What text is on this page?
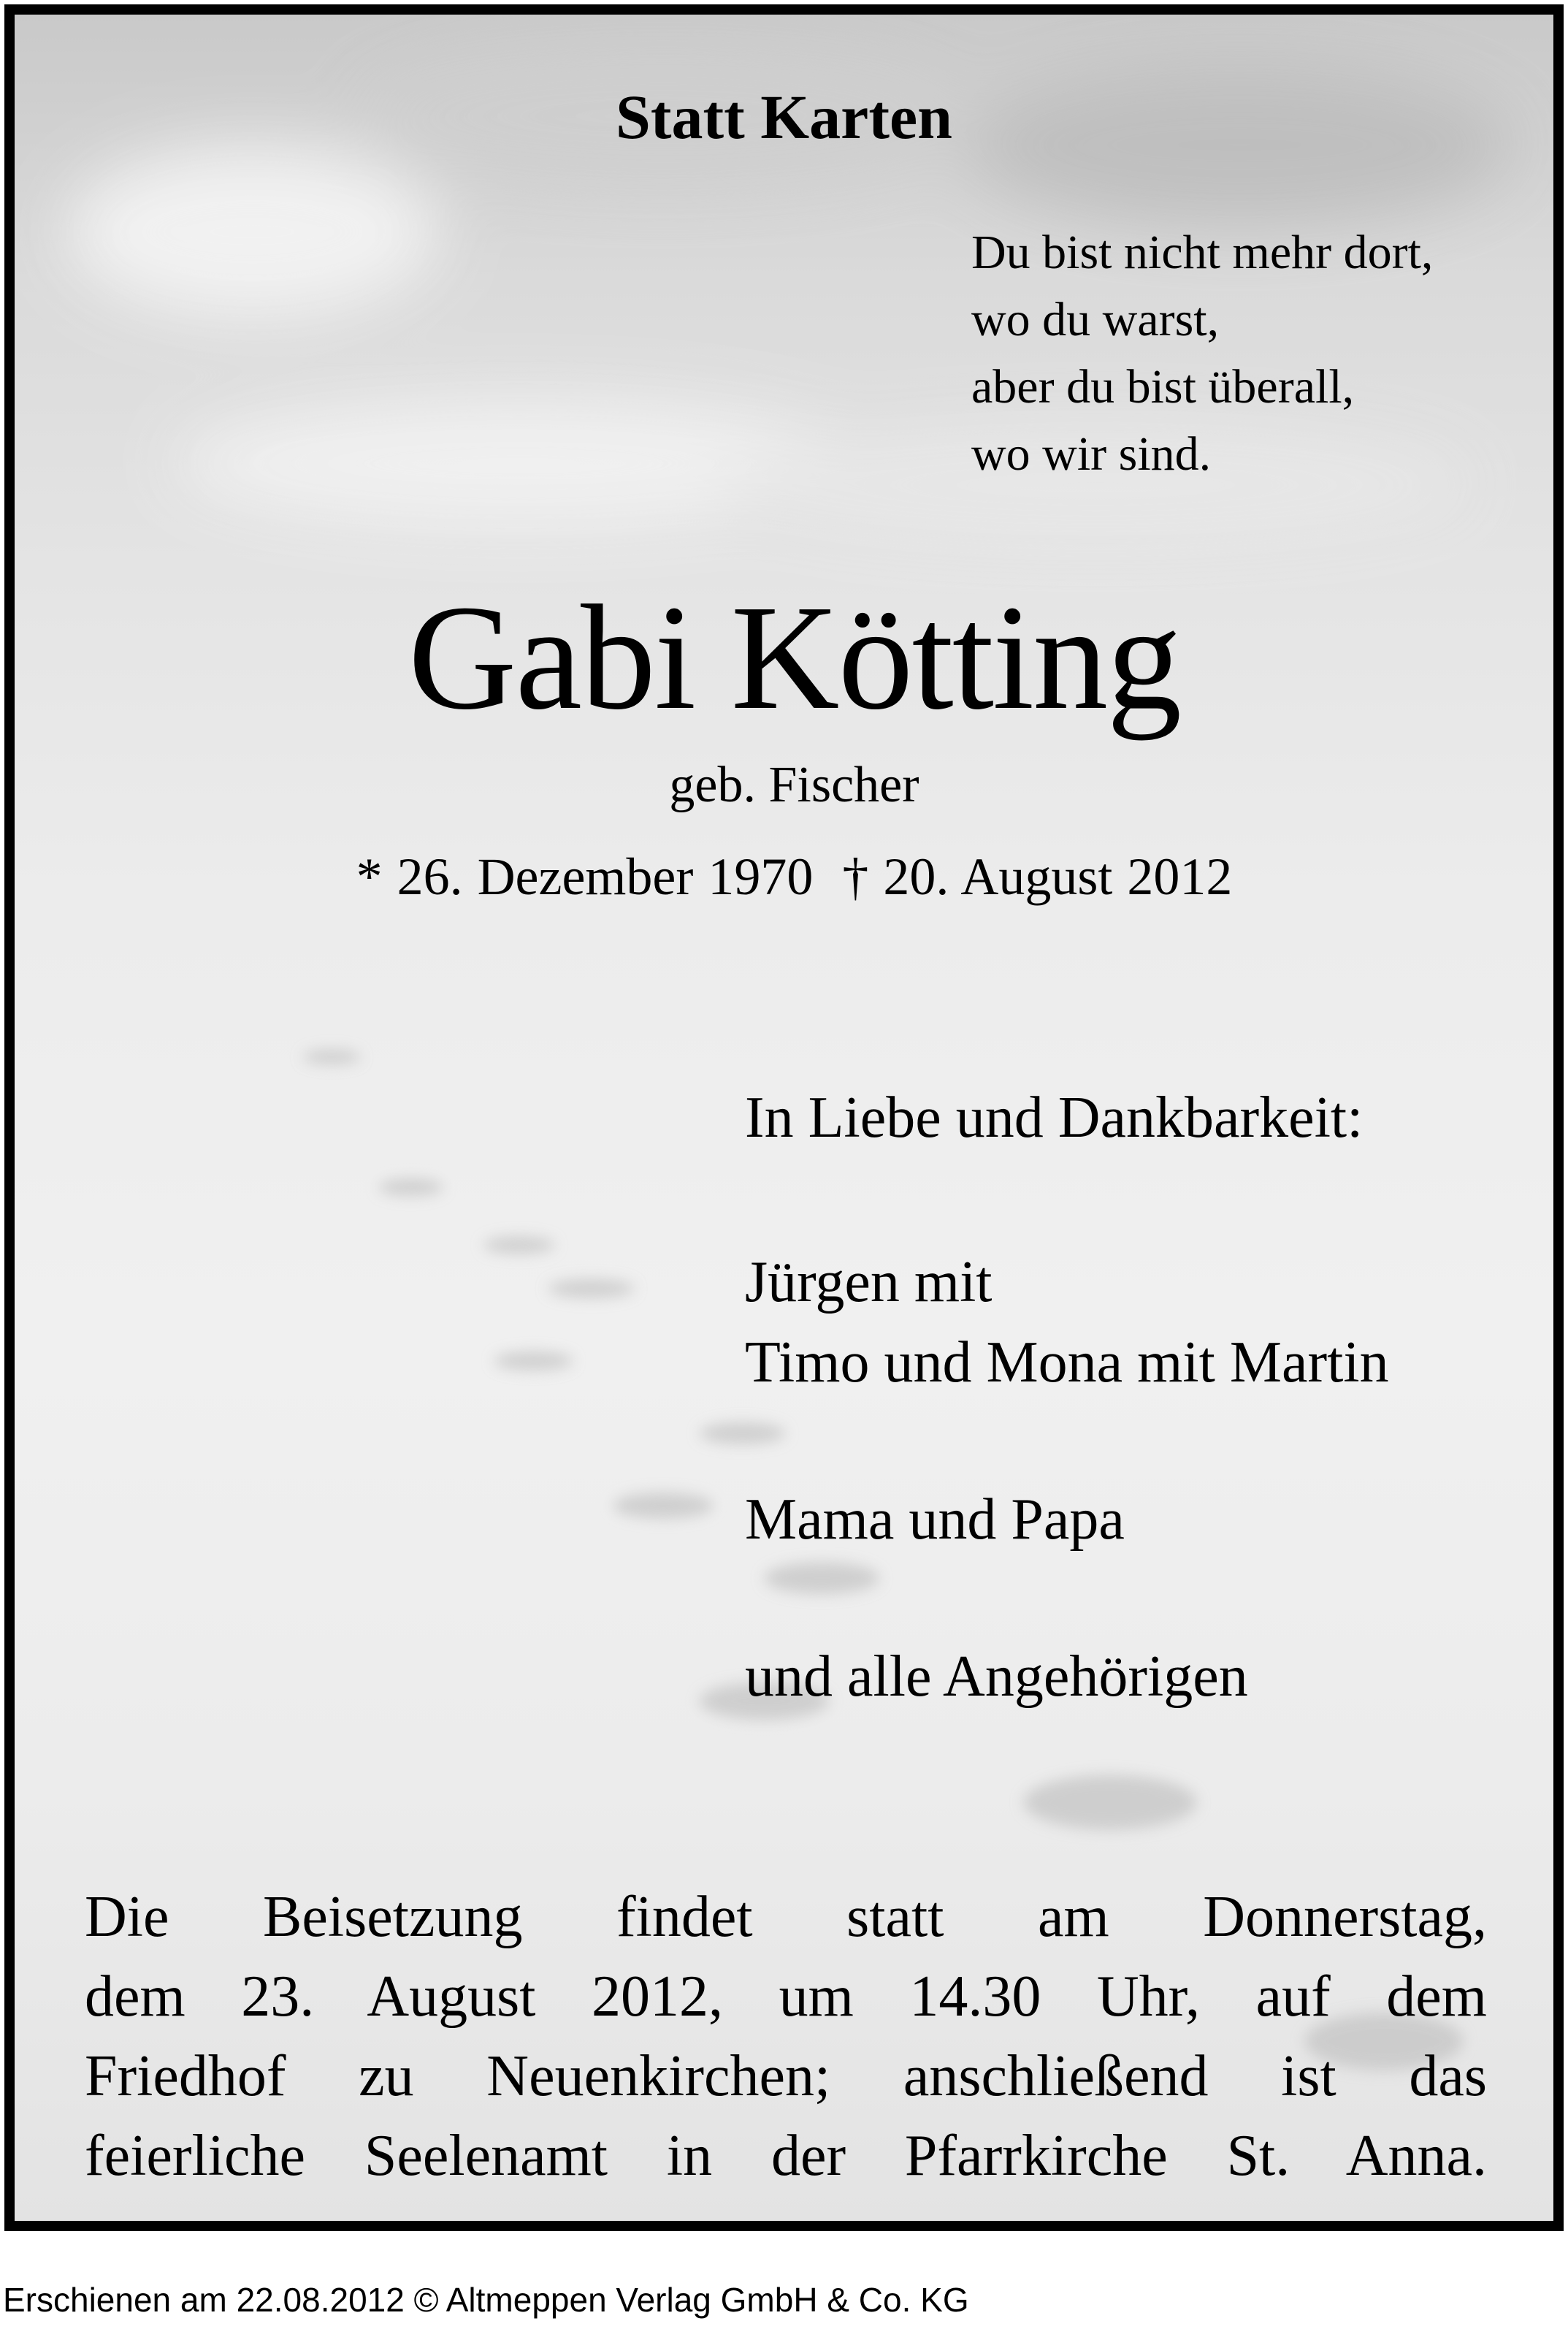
Statt Karten

Du bist nicht mehr dort,
wo du warst,
aber du bist überall,
wo wir sind.

Gabi Kötting

geb. Fischer

* 26. Dezember 1970  † 20. August 2012

In Liebe und Dankbarkeit:

Jürgen mit
Timo und Mona mit Martin

Mama und Papa

und alle Angehörigen

Die Beisetzung findet statt am Donnerstag,
dem 23. August 2012, um 14.30 Uhr, auf dem
Friedhof zu Neuenkirchen; anschließend ist das
feierliche Seelenamt in der Pfarrkirche St. Anna.

Erschienen am 22.08.2012 © Altmeppen Verlag GmbH & Co. KG
